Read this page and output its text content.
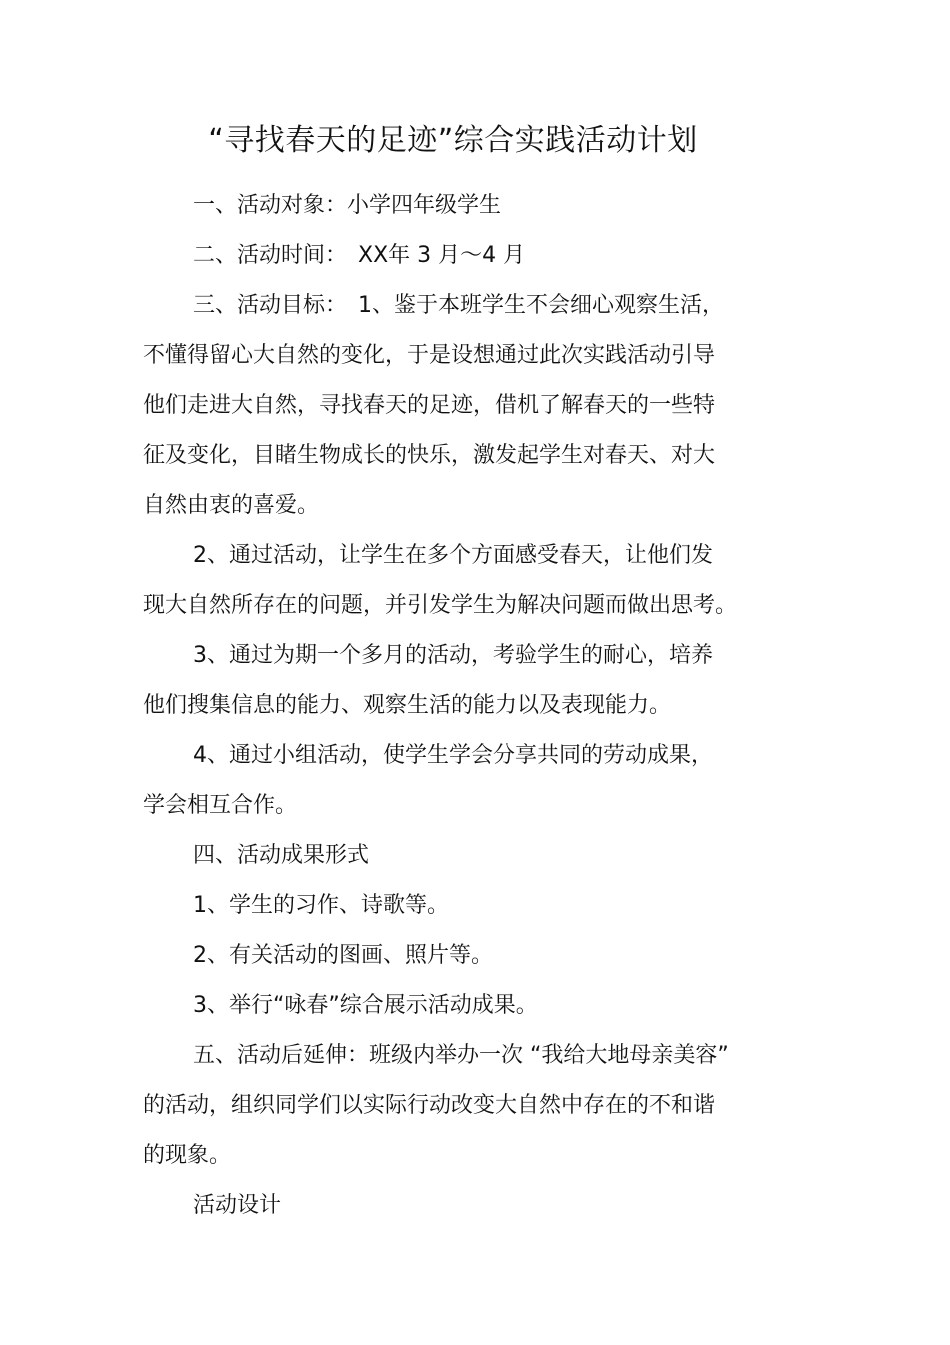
“寻找春天的足迹”综合实践活动计划

一、活动对象：小学四年级学生

二、活动时间：　XX年 3 月～4 月

三、活动目标：　1、鉴于本班学生不会细心观察生活，

不懂得留心大自然的变化，于是设想通过此次实践活动引导

他们走进大自然，寻找春天的足迹，借机了解春天的一些特

征及变化，目睹生物成长的快乐，激发起学生对春天、对大

自然由衷的喜爱。

2、通过活动，让学生在多个方面感受春天，让他们发

现大自然所存在的问题，并引发学生为解决问题而做出思考。

3、通过为期一个多月的活动，考验学生的耐心，培养

他们搜集信息的能力、观察生活的能力以及表现能力。

4、通过小组活动，使学生学会分享共同的劳动成果，

学会相互合作。

四、活动成果形式

1、学生的习作、诗歌等。

2、有关活动的图画、照片等。

3、举行“咏春”综合展示活动成果。

五、活动后延伸：班级内举办一次 “我给大地母亲美容”

的活动，组织同学们以实际行动改变大自然中存在的不和谐

的现象。

活动设计
